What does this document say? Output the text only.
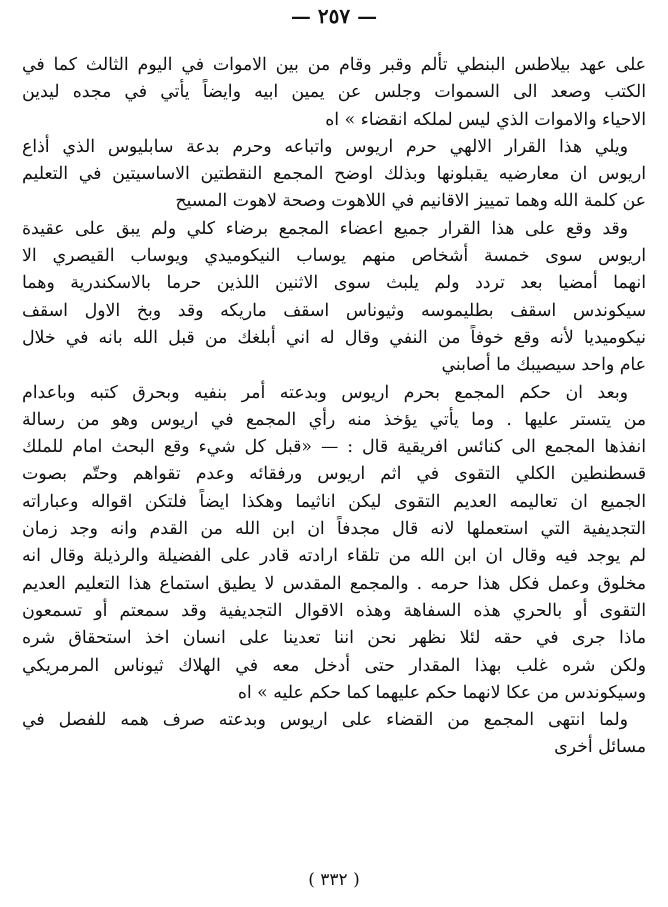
— ٢٥٧ —
على عهد بيلاطس البنطي تألم وقبر وقام من بين الاموات في اليوم الثالث كما في
الكتب وصعد الى السموات وجلس عن يمين ابيه وايضاً يأتي في مجده ليدين
الاحياء والاموات الذي ليس لملكه انقضاء » اه
ويلي هذا القرار الالهي حرم اريوس واتباعه وحرم بدعة سابليوس الذي أذاع
اريوس ان معارضيه يقبلونها وبذلك اوضح المجمع النقطتين الاساسيتين في التعليم
عن كلمة الله وهما تمييز الاقانيم في اللاهوت وصحة لاهوت المسيح
وقد وقع على هذا القرار جميع اعضاء المجمع برضاء كلي ولم يبق على عقيدة
اريوس سوى خمسة أشخاص منهم يوساب النيكوميدي ويوساب القيصري الا
انهما أمضيا بعد تردد ولم يلبث سوى الاثنين اللذين حرما بالاسكندرية وهما
سيكوندس اسقف بطليموسه وثيوناس اسقف ماريكه وقد وبخ الاول اسقف
نيكوميديا لأنه وقع خوفاً من النفي وقال له اني أبلغك من قبل الله بانه في خلال
عام واحد سيصيبك ما أصابني
وبعد ان حكم المجمع بحرم اريوس وبدعته أمر بنفيه وبحرق كتبه وباعدام
من يتستر عليها . وما يأتي يؤخذ منه رأي المجمع في اريوس وهو من رسالة
انفذها المجمع الى كنائس افريقية قال : — «قبل كل شيء وقع البحث امام للملك
قسطنطين الكلي التقوى في اثم اريوس ورفقائه وعدم تقواهم وحتّم بصوت
الجميع ان تعاليمه العديم التقوى ليكن اناثيما وهكذا ايضاً فلتكن اقواله وعباراته
التجديفية التي استعملها لانه قال مجدفاً ان ابن الله من القدم وانه وجد زمان
لم يوجد فيه وقال ان ابن الله من تلقاء ارادته قادر على الفضيلة والرذيلة وقال انه
مخلوق وعمل فكل هذا حرمه . والمجمع المقدس لا يطيق استماع هذا التعليم العديم
التقوى أو بالحري هذه السفاهة وهذه الاقوال التجديفية وقد سمعتم أو تسمعون
ماذا جرى في حقه لئلا نظهر نحن اننا تعدينا على انسان اخذ استحقاق شره
ولكن شره غلب بهذا المقدار حتى أدخل معه في الهلاك ثيوناس المرمريكي
وسيكوندس من عكا لانهما حكم عليهما كما حكم عليه » اه
ولما انتهى المجمع من القضاء على اريوس وبدعته صرف همه للفصل في
مسائل أخرى
( ٣٣٢ )
